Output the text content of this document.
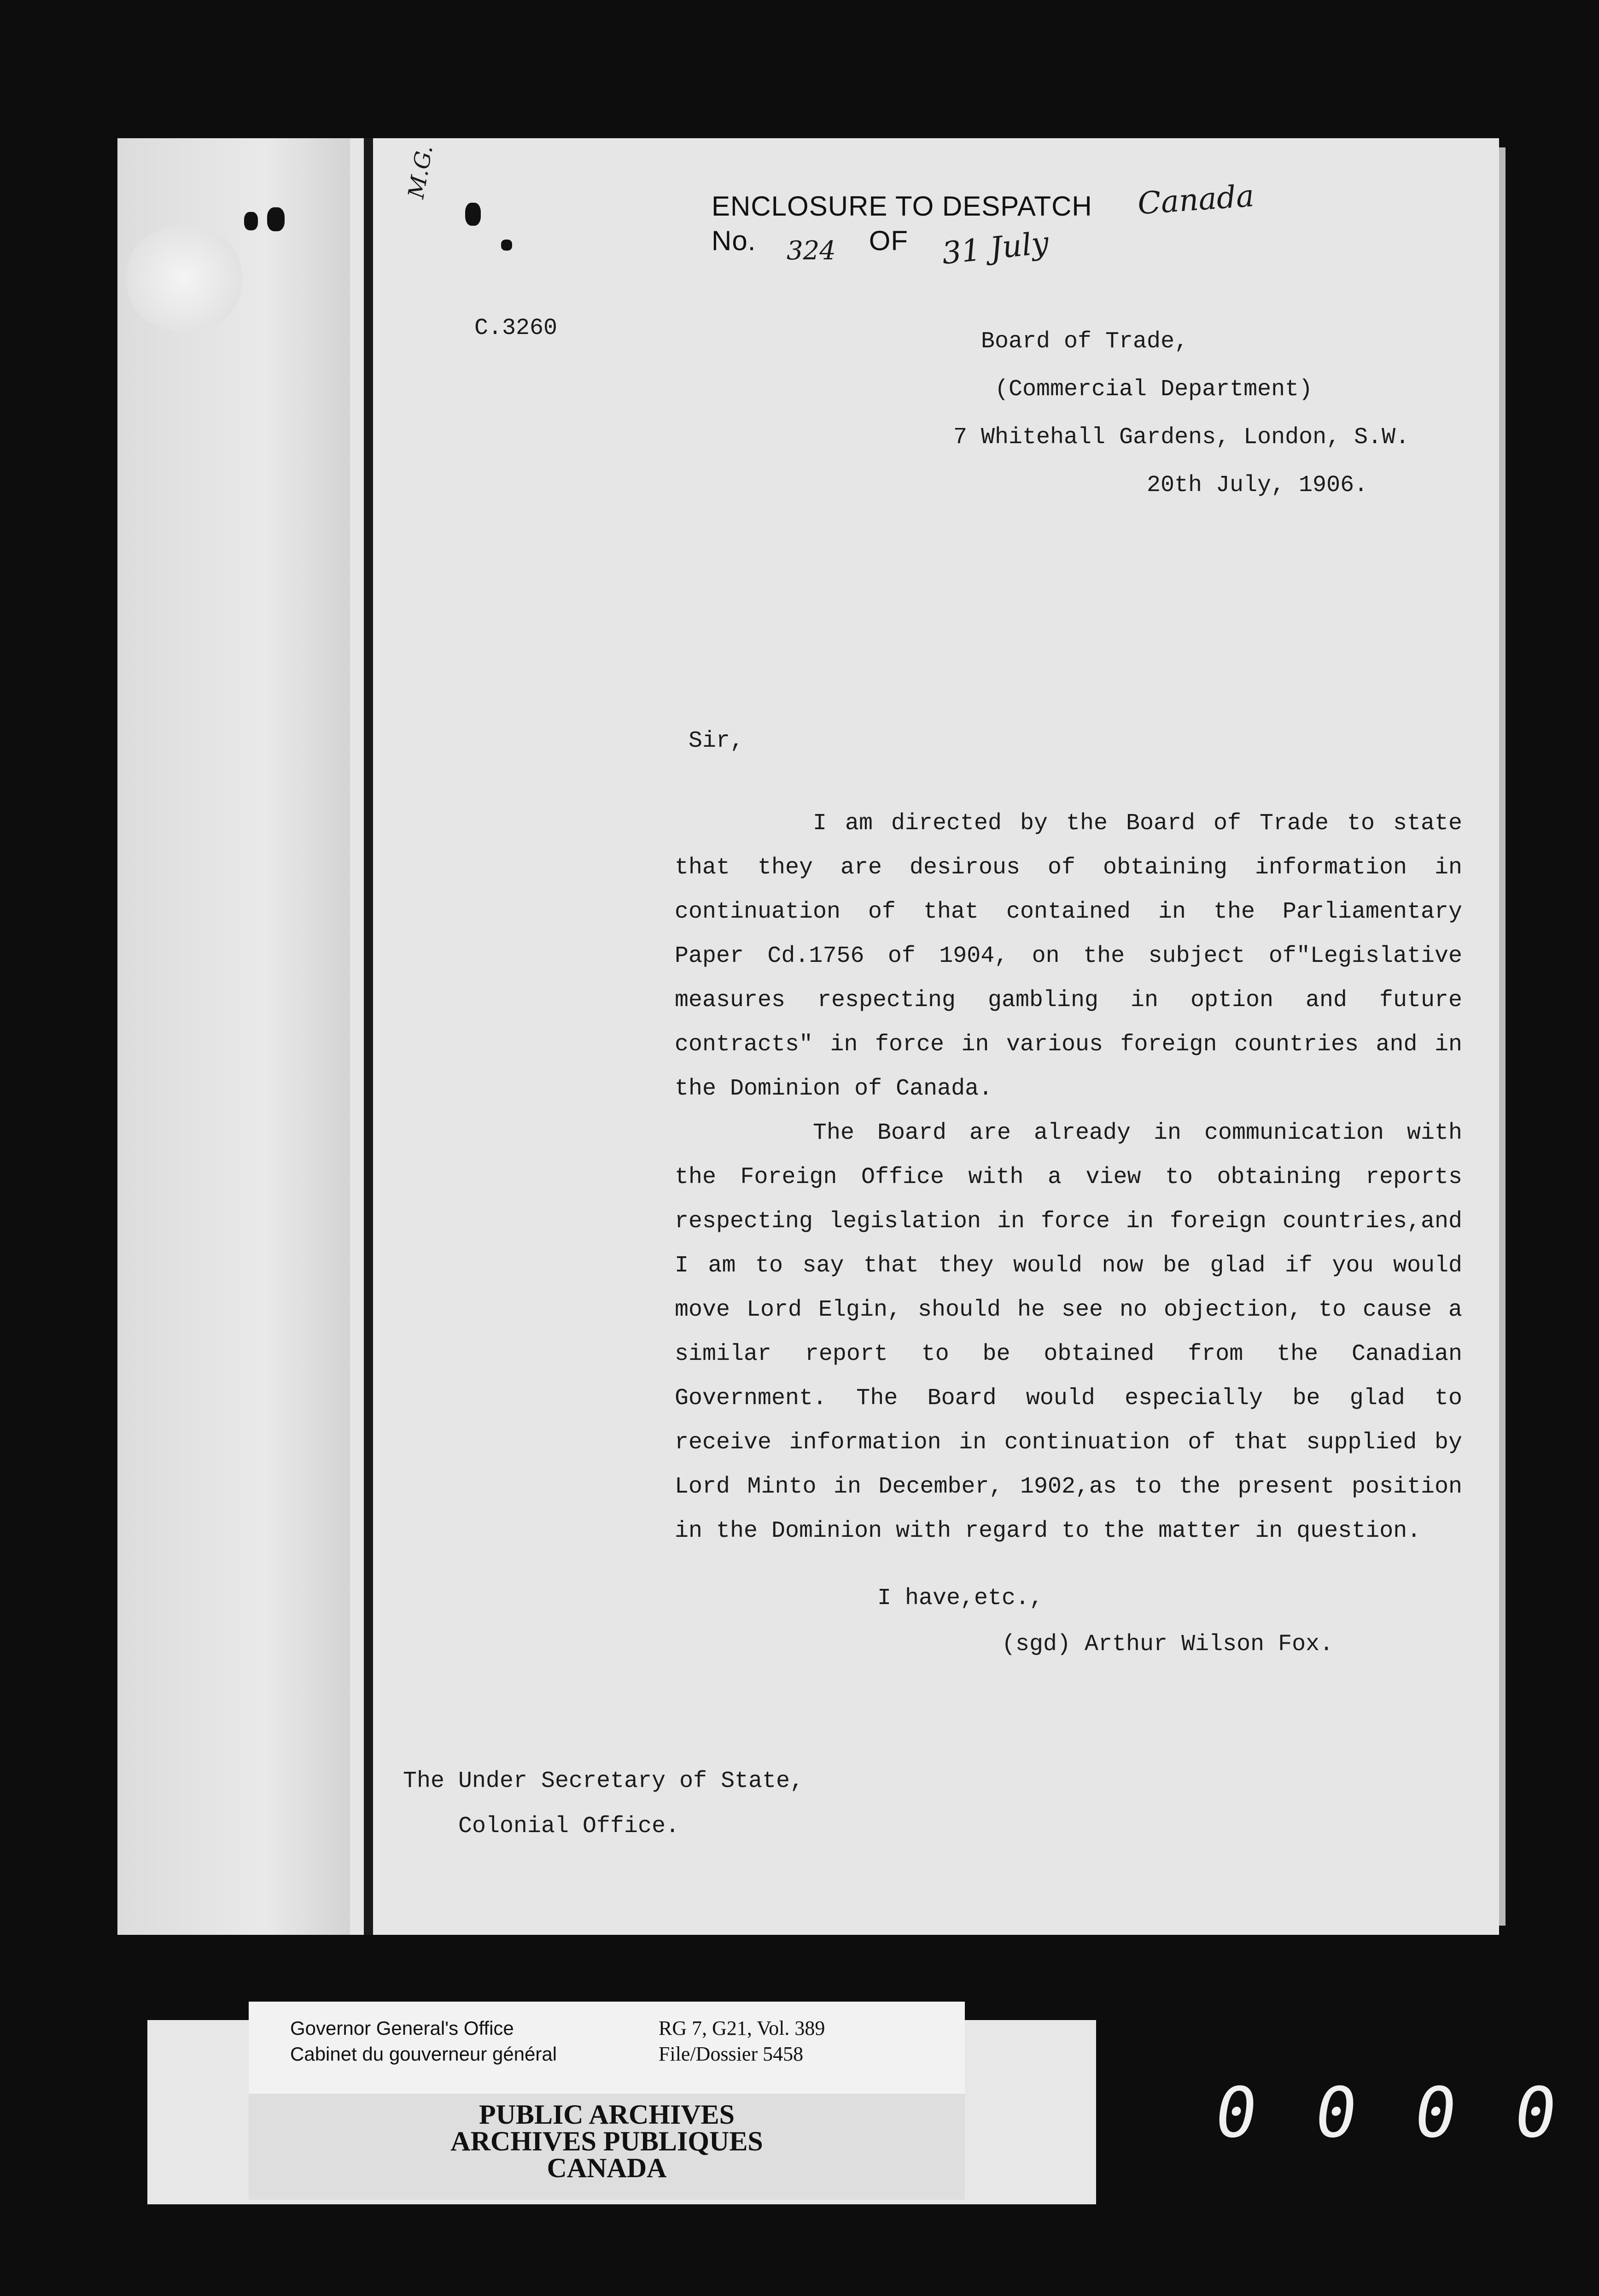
M.G.
ENCLOSURE TO DESPATCH
No.	OF
Canada
324	31 July
C.3260
Board of Trade,
(Commercial Department)
7 Whitehall Gardens, London, S.W.
20th July, 1906.
Sir,
I am directed by the Board of Trade to state that they are desirous of obtaining information in continuation of that contained in the Parliamentary Paper Cd.1756 of 1904, on the subject of"Legislative measures respecting gambling in option and future contracts" in force in various foreign countries and in the Dominion of Canada.
The Board are already in communication with the Foreign Office with a view to obtaining reports respecting legislation in force in foreign countries,and I am to say that they would now be glad if you would move Lord Elgin, should he see no objection, to cause a similar report to be obtained from the Canadian Government. The Board would especially be glad to receive information in continuation of that supplied by Lord Minto in December, 1902,as to the present position in the Dominion with regard to the matter in question.
I have,etc.,
(sgd) Arthur Wilson Fox.
The Under Secretary of State,
Colonial Office.
Governor General's Office
Cabinet du gouverneur général
RG 7, G21, Vol. 389
File/Dossier 5458
PUBLIC ARCHIVES
ARCHIVES PUBLIQUES
CANADA
0 0 0 0
